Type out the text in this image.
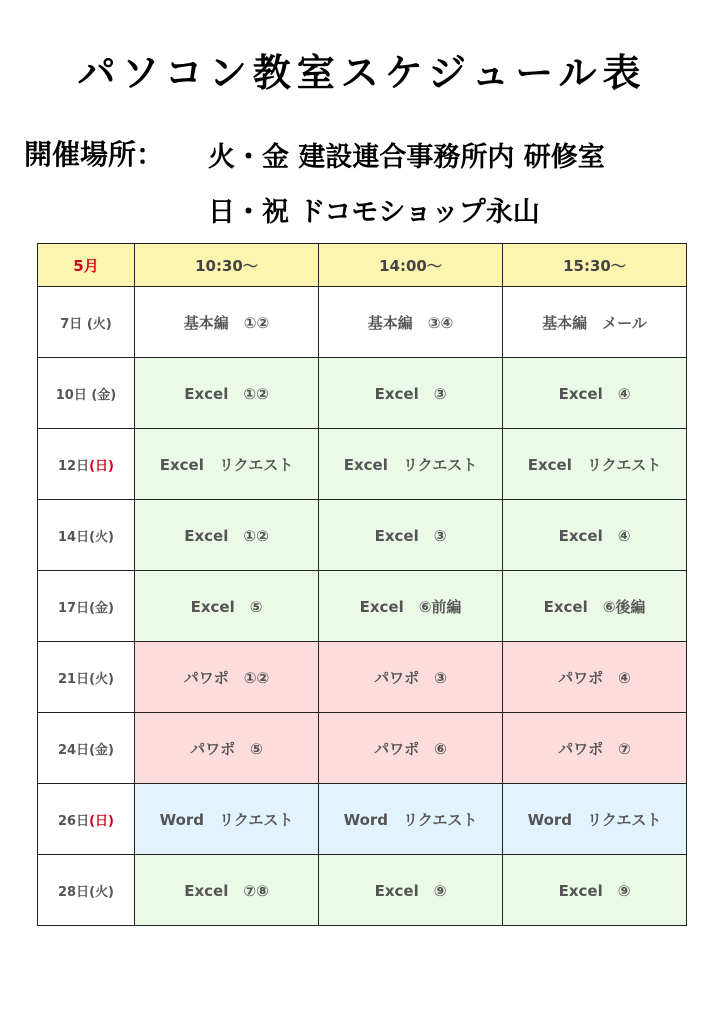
パソコン教室スケジュール表
開催場所： 火・金 建設連合事務所内 研修室
日・祝 ドコモショップ永山
5月	10:30〜	14:00〜	15:30〜
7日 (火)	基本編　①②	基本編　③④	基本編　メール
10日 (金)	Excel　①②	Excel　③	Excel　④
12日(日)	Excel　リクエスト	Excel　リクエスト	Excel　リクエスト
14日(火)	Excel　①②	Excel　③	Excel　④
17日(金)	Excel　⑤	Excel　⑥前編	Excel　⑥後編
21日(火)	パワポ　①②	パワポ　③	パワポ　④
24日(金)	パワポ　⑤	パワポ　⑥	パワポ　⑦
26日(日)	Word　リクエスト	Word　リクエスト	Word　リクエスト
28日(火)	Excel　⑦⑧	Excel　⑨	Excel　⑨
